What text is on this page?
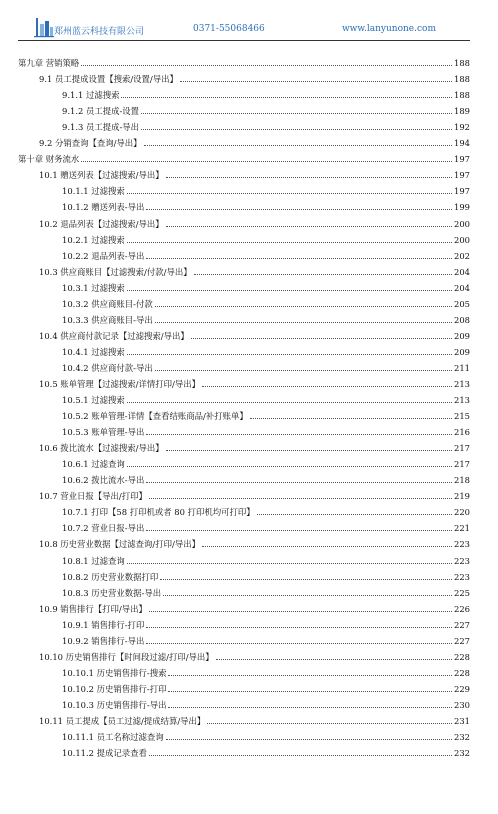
郑州蓝云科技有限公司	0371-55068466	www.lanyunone.com
第九章 营销策略	188
9.1 员工提成设置【搜索/设置/导出】	188
9.1.1 过滤搜索	188
9.1.2 员工提成-设置	189
9.1.3 员工提成-导出	192
9.2 分销查询【查询/导出】	194
第十章 财务流水	197
10.1 赠送列表【过滤搜索/导出】	197
10.1.1 过滤搜索	197
10.1.2 赠送列表-导出	199
10.2 退品列表【过滤搜索/导出】	200
10.2.1 过滤搜索	200
10.2.2 退品列表-导出	202
10.3 供应商账目【过滤搜索/付款/导出】	204
10.3.1 过滤搜索	204
10.3.2 供应商账目-付款	205
10.3.3 供应商账目-导出	208
10.4 供应商付款记录【过滤搜索/导出】	209
10.4.1 过滤搜索	209
10.4.2 供应商付款-导出	211
10.5 账单管理【过滤搜索/详情打印/导出】	213
10.5.1 过滤搜索	213
10.5.2 账单管理-详情【查看结账商品/补打账单】	215
10.5.3 账单管理-导出	216
10.6 拨比流水【过滤搜索/导出】	217
10.6.1 过滤查询	217
10.6.2 拨比流水-导出	218
10.7 营业日报【导出/打印】	219
10.7.1 打印【58 打印机或者 80 打印机均可打印】	220
10.7.2 营业日报-导出	221
10.8 历史营业数据【过滤查询/打印/导出】	223
10.8.1 过滤查询	223
10.8.2 历史营业数据打印	223
10.8.3 历史营业数据-导出	225
10.9 销售排行【打印/导出】	226
10.9.1 销售排行-打印	227
10.9.2 销售排行-导出	227
10.10 历史销售排行【时间段过滤/打印/导出】	228
10.10.1 历史销售排行-搜索	228
10.10.2 历史销售排行-打印	229
10.10.3 历史销售排行-导出	230
10.11 员工提成【员工过滤/提成结算/导出】	231
10.11.1 员工名称过滤查询	232
10.11.2 提成记录查看	232
